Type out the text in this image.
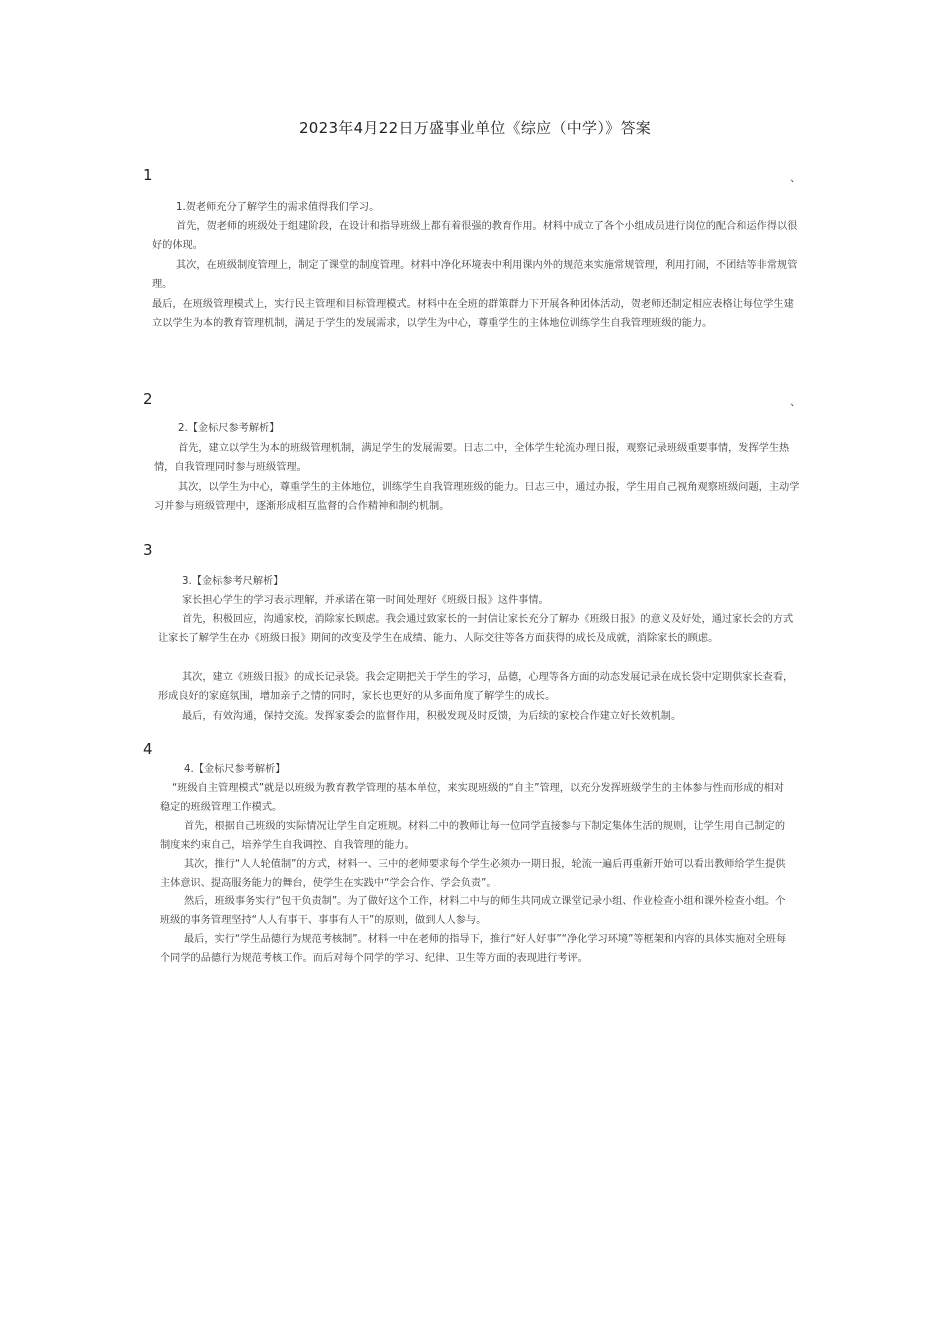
2023年4月22日万盛事业单位《综应（中学）》答案
1	、
1.贺老师充分了解学生的需求值得我们学习。
首先，贺老师的班级处于组建阶段，在设计和指导班级上都有着很强的教育作用。材料中成立了各个小组成员进行岗位的配合和运作得以很好的体现。
其次，在班级制度管理上，制定了课堂的制度管理。材料中净化环境表中利用课内外的规范来实施常规管理，利用打闹，不团结等非常规管理。
最后，在班级管理模式上，实行民主管理和目标管理模式。材料中在全班的群策群力下开展各种团体活动，贺老师还制定相应表格让每位学生建立以学生为本的教育管理机制，满足于学生的发展需求，以学生为中心，尊重学生的主体地位训练学生自我管理班级的能力。
2	、
2.【金标尺参考解析】
首先，建立以学生为本的班级管理机制，满足学生的发展需要。日志二中，全体学生轮流办理日报，观察记录班级重要事情，发挥学生热情，自我管理同时参与班级管理。
其次，以学生为中心，尊重学生的主体地位，训练学生自我管理班级的能力。日志三中，通过办报，学生用自己视角观察班级问题，主动学习并参与班级管理中，逐渐形成相互监督的合作精神和制约机制。
3
3.【金标参考尺解析】
家长担心学生的学习表示理解，并承诺在第一时间处理好《班级日报》这件事情。
首先，积极回应，沟通家校，消除家长顾虑。我会通过致家长的一封信让家长充分了解办《班级日报》的意义及好处，通过家长会的方式让家长了解学生在办《班级日报》期间的改变及学生在成绩、能力、人际交往等各方面获得的成长及成就，消除家长的顾虑。
其次，建立《班级日报》的成长记录袋。我会定期把关于学生的学习，品德，心理等各方面的动态发展记录在成长袋中定期供家长查看，形成良好的家庭氛围，增加亲子之情的同时，家长也更好的从多面角度了解学生的成长。
最后，有效沟通，保持交流。发挥家委会的监督作用，积极发现及时反馈，为后续的家校合作建立好长效机制。
4
4.【金标尺参考解析】
“班级自主管理模式”就是以班级为教育教学管理的基本单位，来实现班级的“自主”管理，以充分发挥班级学生的主体参与性而形成的相对稳定的班级管理工作模式。
首先，根据自己班级的实际情况让学生自定班规。材料二中的教师让每一位同学直接参与下制定集体生活的规则，让学生用自己制定的制度来约束自己，培养学生自我调控、自我管理的能力。
其次，推行“人人轮值制”的方式，材料一、三中的老师要求每个学生必须办一期日报，轮流一遍后再重新开始可以看出教师给学生提供主体意识、提高服务能力的舞台，使学生在实践中“学会合作、学会负责”。
然后，班级事务实行“包干负责制”。为了做好这个工作，材料二中与的师生共同成立课堂记录小组、作业检查小组和课外检查小组。个班级的事务管理坚持“人人有事干、事事有人干”的原则，做到人人参与。
最后，实行“学生品德行为规范考核制”。材料一中在老师的指导下，推行“好人好事”“净化学习环境”等框架和内容的具体实施对全班每个同学的品德行为规范考核工作。而后对每个同学的学习、纪律、卫生等方面的表现进行考评。
